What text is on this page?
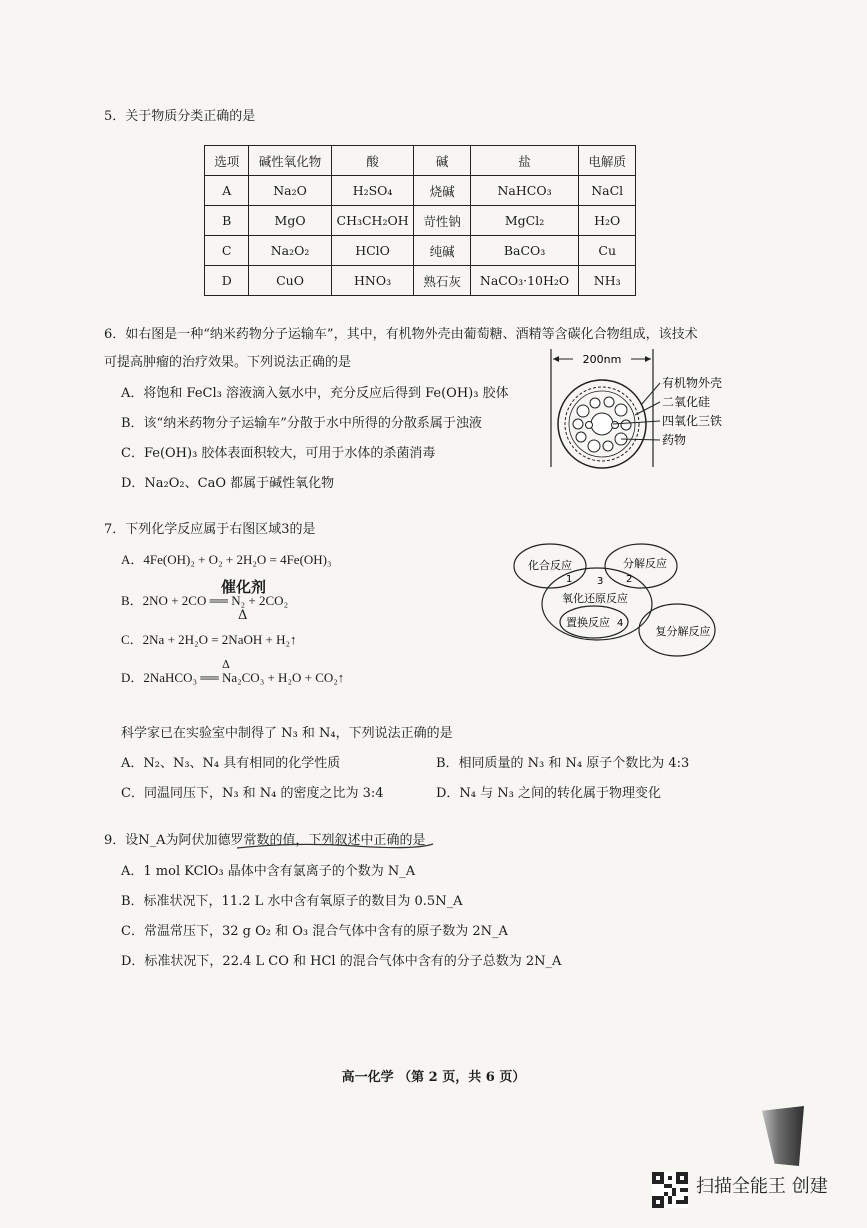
5．关于物质分类正确的是
选项	碱性氧化物	酸	碱	盐	电解质
A	Na₂O	H₂SO₄	烧碱	NaHCO₃	NaCl
B	MgO	CH₃CH₂OH	苛性钠	MgCl₂	H₂O
C	Na₂O₂	HClO	纯碱	BaCO₃	Cu
D	CuO	HNO₃	熟石灰	NaCO₃·10H₂O	NH₃
6．如右图是一种“纳米药物分子运输车”，其中，有机物外壳由葡萄糖、酒精等含碳化合物组成，该技术
可提高肿瘤的治疗效果。下列说法正确的是
A．将饱和 FeCl₃ 溶液滴入氨水中，充分反应后得到 Fe(OH)₃ 胶体
B．该“纳米药物分子运输车”分散于水中所得的分散系属于浊液
C．Fe(OH)₃ 胶体表面积较大，可用于水体的杀菌消毒
D．Na₂O₂、CaO 都属于碱性氧化物
200nm
有机物外壳
二氧化硅
四氧化三铁
药物
7．下列化学反应属于右图区域3的是
A．4Fe(OH)₂ + O₂ + 2H₂O = 4Fe(OH)₃
催化剂
B．2NO + 2CO ══ N₂ + 2CO₂
Δ
C．2Na + 2H₂O = 2NaOH + H₂↑
Δ
D．2NaHCO₃ ══ Na₂CO₃ + H₂O + CO₂↑
化合反应	分解反应
1 3 2
氧化还原反应
置换反应 4
复分解反应
科学家已在实验室中制得了 N₃ 和 N₄，下列说法正确的是
A．N₂、N₃、N₄ 具有相同的化学性质	B．相同质量的 N₃ 和 N₄ 原子个数比为 4:3
C．同温同压下，N₃ 和 N₄ 的密度之比为 3:4	D．N₄ 与 N₃ 之间的转化属于物理变化
9．设N_A为阿伏加德罗常数的值，下列叙述中正确的是
A．1 mol KClO₃ 晶体中含有氯离子的个数为 N_A
B．标准状况下，11.2 L 水中含有氧原子的数目为 0.5N_A
C．常温常压下，32 g O₂ 和 O₃ 混合气体中含有的原子数为 2N_A
D．标准状况下，22.4 L CO 和 HCl 的混合气体中含有的分子总数为 2N_A
高一化学 （第 2 页，共 6 页）
扫描全能王 创建
